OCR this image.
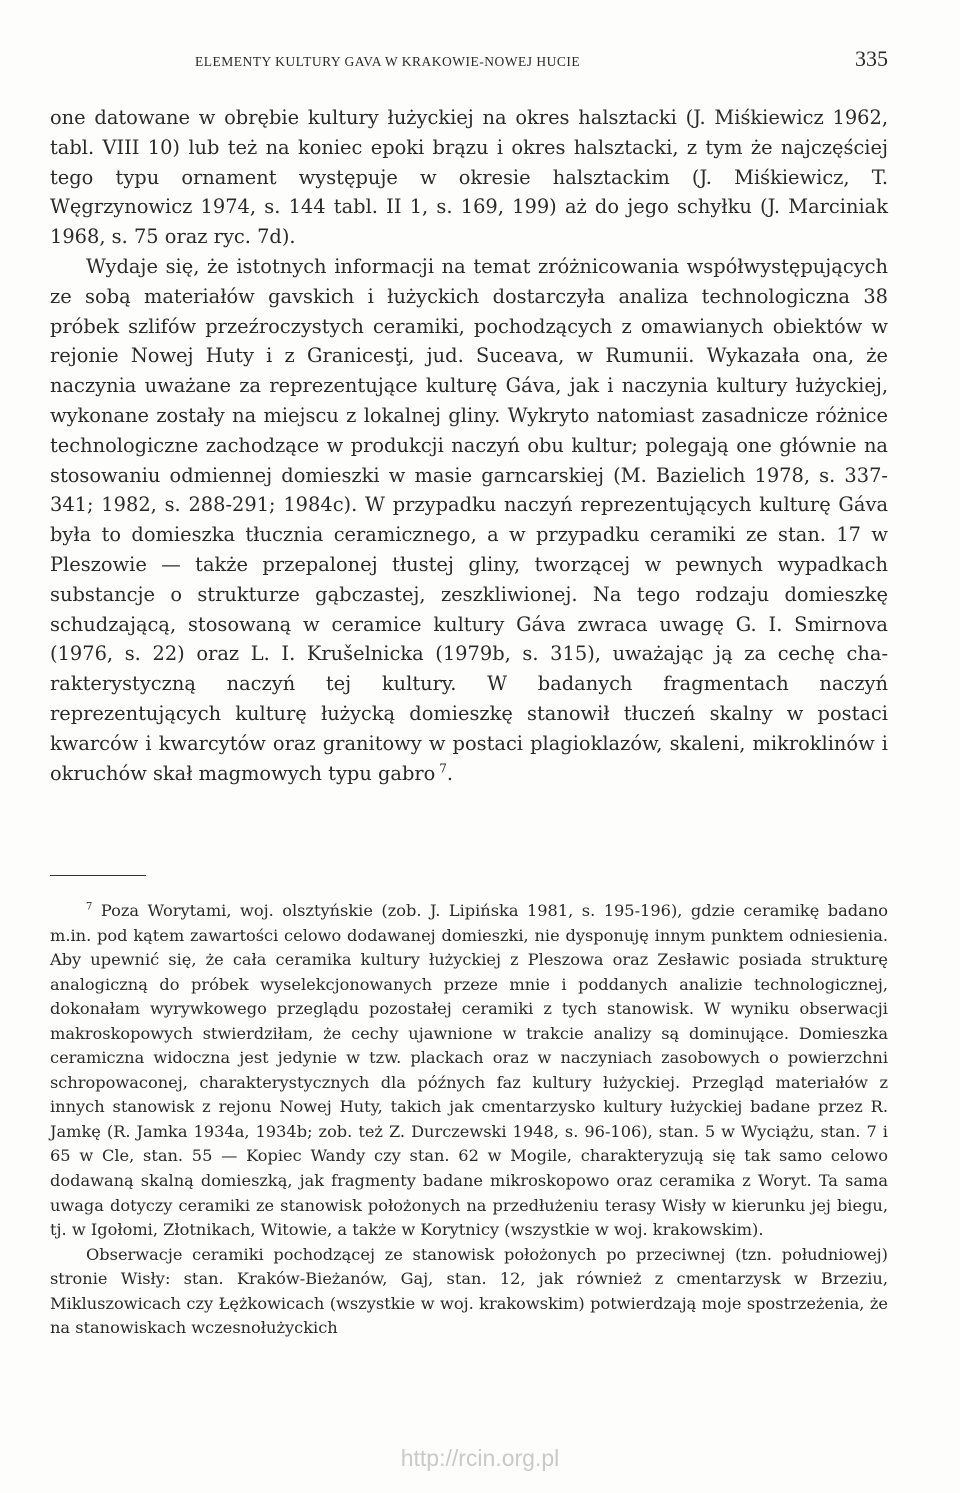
ELEMENTY KULTURY GAVA W KRAKOWIE-NOWEJ HUCIE	335

one datowane w obrębie kultury łużyckiej na okres halsztacki (J. Miśkiewicz 1962, tabl. VIII 10) lub też na koniec epoki brązu i okres halsztacki, z tym że najczęściej tego typu ornament występuje w okresie halsztackim (J. Miśkiewicz, T. Węgrzynowicz 1974, s. 144 tabl. II 1, s. 169, 199) aż do jego schyłku (J. Marciniak 1968, s. 75 oraz ryc. 7d).

Wydaje się, że istotnych informacji na temat zróżnicowania współwystępujących ze sobą materiałów gavskich i łużyckich dostarczyła analiza technologiczna 38 próbek szlifów przeźroczystych ceramiki, pochodzących z omawianych obiektów w rejonie Nowej Huty i z Granicesţi, jud. Suceava, w Rumunii. Wykazała ona, że naczynia uważane za reprezentujące kulturę Gáva, jak i naczynia kultury łużyckiej, wykonane zostały na miejscu z lokalnej gliny. Wykryto natomiast zasadnicze różnice technologiczne zachodzące w produkcji naczyń obu kultur; polegają one głównie na stosowaniu odmiennej domieszki w masie garncarskiej (M. Bazielich 1978, s. 337-341; 1982, s. 288-291; 1984c). W przypadku naczyń reprezentujących kulturę Gáva była to domieszka tłucznia ceramicznego, a w przypadku ceramiki ze stan. 17 w Pleszowie — także przepalonej tłustej gliny, tworzącej w pewnych wypadkach substancje o strukturze gąbczastej, zeszkliwionej. Na tego rodzaju domieszkę schudzającą, stosowaną w ceramice kultury Gáva zwraca uwagę G. I. Smirnova (1976, s. 22) oraz L. I. Krušelnicka (1979b, s. 315), uważając ją za cechę charakterystyczną naczyń tej kultury. W badanych fragmentach naczyń reprezentujących kulturę łużycką domieszkę stanowił tłuczeń skalny w postaci kwarców i kwarcytów oraz granitowy w postaci plagioklazów, skaleni, mikroklinów i okruchów skał magmowych typu gabro  $^7$.

$^7$ Poza Worytami, woj. olsztyńskie (zob. J. Lipińska 1981, s. 195-196), gdzie ceramikę badano m.in. pod kątem zawartości celowo dodawanej domieszki, nie dysponuję innym punktem odniesienia. Aby upewnić się, że cała ceramika kultury łużyckiej z Pleszowa oraz Zesławic posiada strukturę analogiczną do próbek wyselekcjonowanych przeze mnie i poddanych analizie technologicznej, dokonałam wyrywkowego przeglądu pozostałej ceramiki z tych stanowisk. W wyniku obserwacji makroskopowych stwierdziłam, że cechy ujawnione w trakcie analizy są dominujące. Domieszka ceramiczna widoczna jest jedynie w tzw. plackach oraz w naczyniach zasobowych o powierzchni schropowaconej, charakterystycznych dla późnych faz kultury łużyckiej. Przegląd materiałów z innych stanowisk z rejonu Nowej Huty, takich jak cmentarzysko kultury łużyckiej badane przez R. Jamkę (R. Jamka 1934a, 1934b; zob. też Z. Durczewski 1948, s. 96-106), stan. 5 w Wyciążu, stan. 7 i 65 w Cle, stan. 55 — Kopiec Wandy czy stan. 62 w Mogile, charakteryzują się tak samo celowo dodawaną skalną domieszką, jak fragmenty badane mikroskopowo oraz ceramika z Woryt. Ta sama uwaga dotyczy ceramiki ze stanowisk położonych na przedłużeniu terasy Wisły w kierunku jej biegu, tj. w Igołomi, Złotnikach, Witowie, a także w Korytnicy (wszystkie w woj. krakowskim).

Obserwacje ceramiki pochodzącej ze stanowisk położonych po przeciwnej (tzn. południowej) stronie Wisły: stan. Kraków-Bieżanów, Gaj, stan. 12, jak również z cmentarzysk w Brzeziu, Mikluszowicach czy Łężkowicach (wszystkie w woj. krakowskim) potwierdzają moje spostrzeżenia, że na stanowiskach wczesnołużyckich

http://rcin.org.pl
